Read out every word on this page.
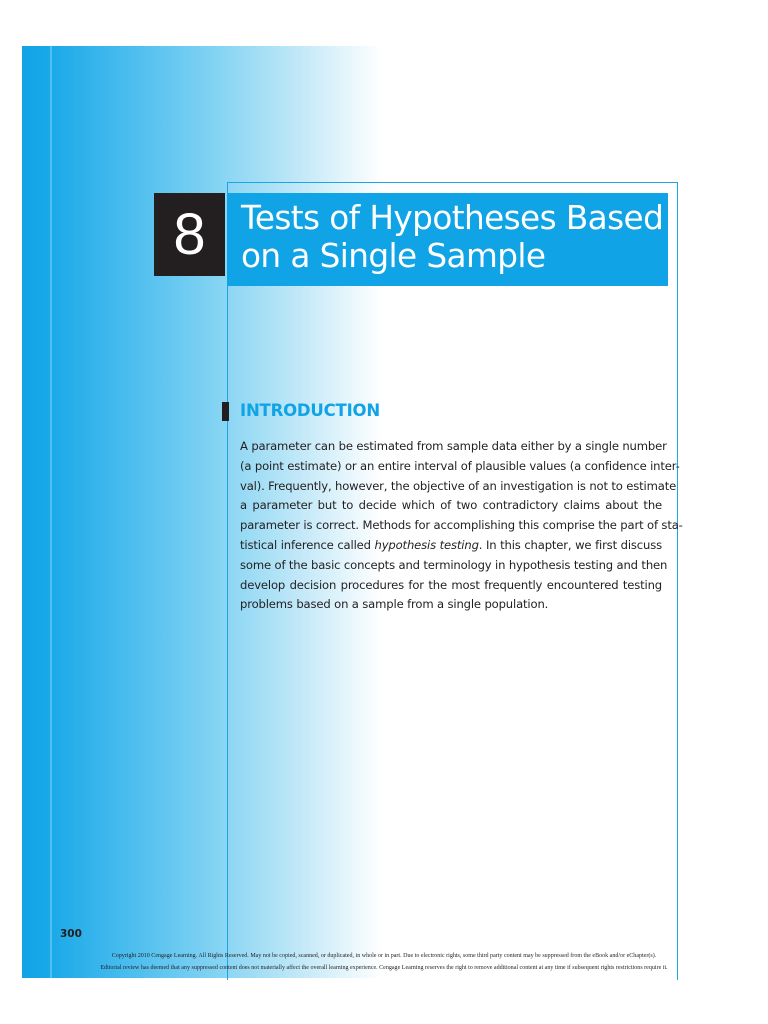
8 Tests of Hypotheses Based
on a Single Sample
INTRODUCTION
A parameter can be estimated from sample data either by a single number
(a point estimate) or an entire interval of plausible values (a confidence inter-
val). Frequently, however, the objective of an investigation is not to estimate
a parameter but to decide which of two contradictory claims about the
parameter is correct. Methods for accomplishing this comprise the part of sta-
tistical inference called hypothesis testing. In this chapter, we first discuss
some of the basic concepts and terminology in hypothesis testing and then
develop decision procedures for the most frequently encountered testing
problems based on a sample from a single population.
300
Copyright 2010 Cengage Learning. All Rights Reserved. May not be copied, scanned, or duplicated, in whole or in part. Due to electronic rights, some third party content may be suppressed from the eBook and/or eChapter(s).
Editorial review has deemed that any suppressed content does not materially affect the overall learning experience. Cengage Learning reserves the right to remove additional content at any time if subsequent rights restrictions require it.
